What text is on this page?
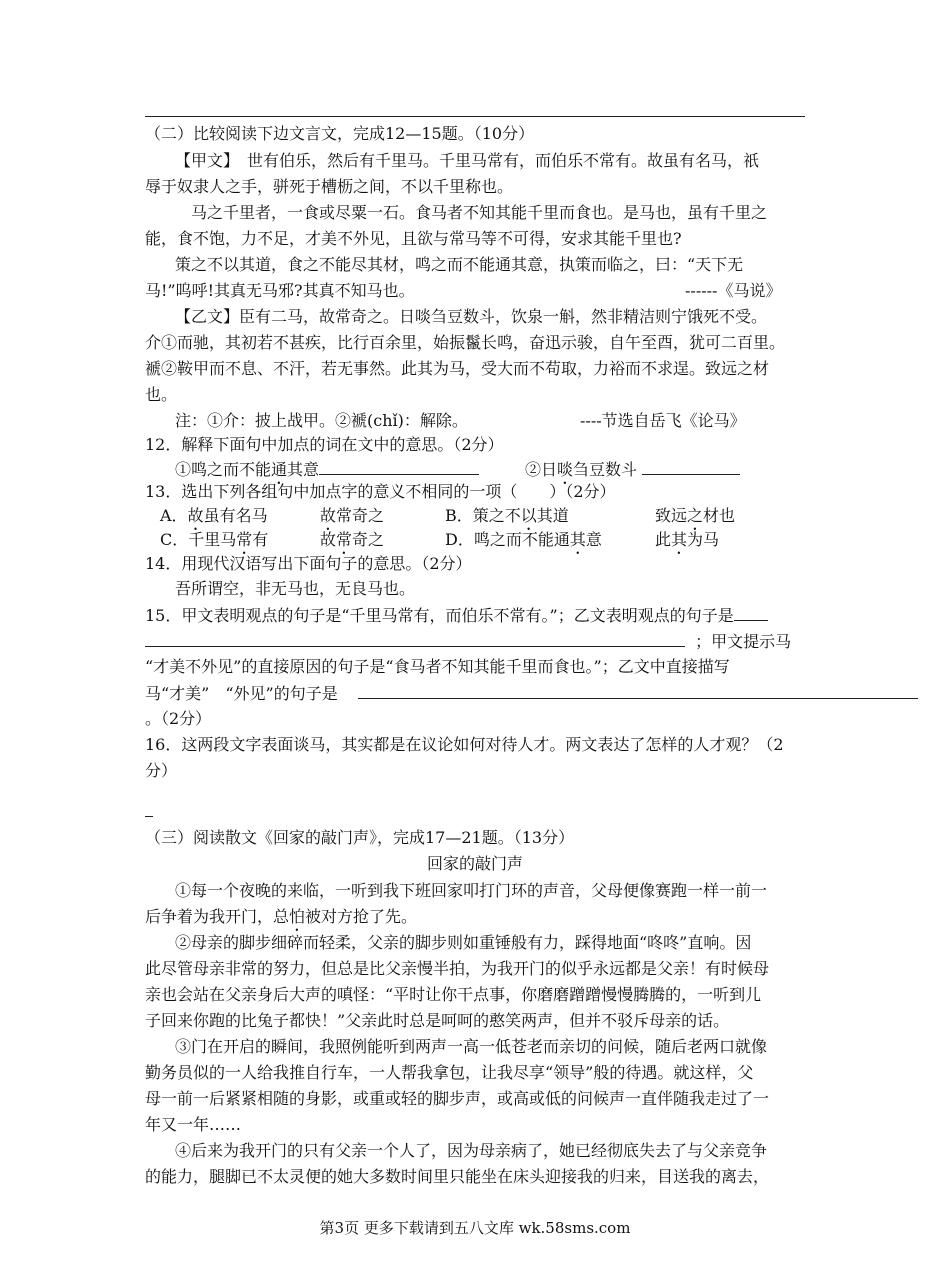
（二）比较阅读下边文言文，完成12—15题。（10分）
【甲文】　世有伯乐，然后有千里马。千里马常有，而伯乐不常有。故虽有名马，祇
辱于奴隶人之手，骈死于槽枥之间，不以千里称也。
　马之千里者，一食或尽粟一石。食马者不知其能千里而食也。是马也，虽有千里之
能，食不饱，力不足，才美不外见，且欲与常马等不可得，安求其能千里也?
策之不以其道，食之不能尽其材，鸣之而不能通其意，执策而临之，曰：“天下无
马!”呜呼!其真无马邪?其真不知马也。	------《马说》
【乙文】臣有二马，故常奇之。日啖刍豆数斗，饮泉一斛，然非精洁则宁饿死不受。
介①而驰，其初若不甚疾，比行百余里，始振鬣长鸣，奋迅示骏，自午至酉，犹可二百里。
褫②鞍甲而不息、不汗，若无事然。此其为马，受大而不苟取，力裕而不求逞。致远之材
也。
注：①介：披上战甲。②褫(chǐ)：解除。	----节选自岳飞《论马》
12．解释下面句中加点的词在文中的意思。（2分）
①鸣之而不能通其意	②日啖刍豆数斗
13．选出下列各组句中加点字的意义不相同的一项（　　）（2分）
A．故虽有名马	故常奇之	B．策之不以其道	致远之材也
C．千里马常有	故常奇之	D．鸣之而不能通其意	此其为马
14．用现代汉语写出下面句子的意思。（2分）
吾所谓空，非无马也，无良马也。
15．甲文表明观点的句子是“千里马常有，而伯乐不常有。”；乙文表明观点的句子是
；甲文提示马
“才美不外见”的直接原因的句子是“食马者不知其能千里而食也。”；乙文中直接描写
马“才美”　“外见”的句子是
。（2分）
16．这两段文字表面谈马，其实都是在议论如何对待人才。两文表达了怎样的人才观？（2
分）
（三）阅读散文《回家的敲门声》，完成17—21题。（13分）
回家的敲门声
①每一个夜晚的来临，一听到我下班回家叩打门环的声音，父母便像赛跑一样一前一
后争着为我开门，总怕被对方抢了先。
②母亲的脚步细碎而轻柔，父亲的脚步则如重锤般有力，踩得地面“咚咚”直响。因
此尽管母亲非常的努力，但总是比父亲慢半拍，为我开门的似乎永远都是父亲！有时候母
亲也会站在父亲身后大声的嗔怪：“平时让你干点事，你磨磨蹭蹭慢慢腾腾的，一听到儿
子回来你跑的比兔子都快！”父亲此时总是呵呵的憨笑两声，但并不驳斥母亲的话。
③门在开启的瞬间，我照例能听到两声一高一低苍老而亲切的问候，随后老两口就像
勤务员似的一人给我推自行车，一人帮我拿包，让我尽享“领导”般的待遇。就这样，父
母一前一后紧紧相随的身影，或重或轻的脚步声，或高或低的问候声一直伴随我走过了一
年又一年……
④后来为我开门的只有父亲一个人了，因为母亲病了，她已经彻底失去了与父亲竞争
的能力，腿脚已不太灵便的她大多数时间里只能坐在床头迎接我的归来，目送我的离去，
第3页 更多下载请到五八文库 wk.58sms.com
